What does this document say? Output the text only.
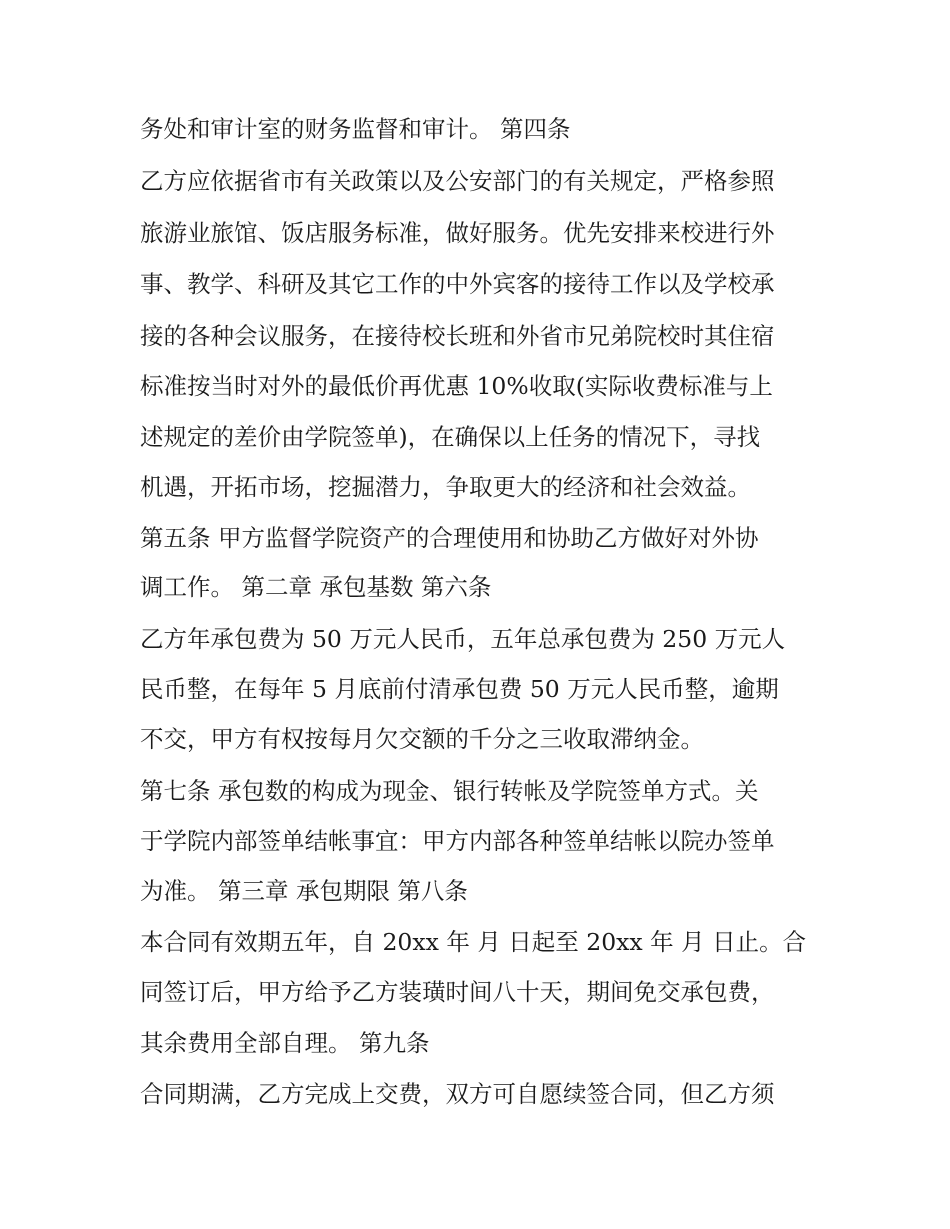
务处和审计室的财务监督和审计。 第四条
乙方应依据省市有关政策以及公安部门的有关规定，严格参照
旅游业旅馆、饭店服务标准，做好服务。优先安排来校进行外
事、教学、科研及其它工作的中外宾客的接待工作以及学校承
接的各种会议服务，在接待校长班和外省市兄弟院校时其住宿
标准按当时对外的最低价再优惠 10%收取(实际收费标准与上
述规定的差价由学院签单)，在确保以上任务的情况下，寻找
机遇，开拓市场，挖掘潜力，争取更大的经济和社会效益。
第五条 甲方监督学院资产的合理使用和协助乙方做好对外协
调工作。 第二章 承包基数 第六条
乙方年承包费为 50 万元人民币，五年总承包费为 250 万元人
民币整，在每年 5 月底前付清承包费 50 万元人民币整，逾期
不交，甲方有权按每月欠交额的千分之三收取滞纳金。
第七条 承包数的构成为现金、银行转帐及学院签单方式。关
于学院内部签单结帐事宜：甲方内部各种签单结帐以院办签单
为准。 第三章 承包期限 第八条
本合同有效期五年，自 20xx 年 月 日起至 20xx 年 月 日止。合
同签订后，甲方给予乙方装璜时间八十天，期间免交承包费，
其余费用全部自理。 第九条
合同期满，乙方完成上交费，双方可自愿续签合同，但乙方须
